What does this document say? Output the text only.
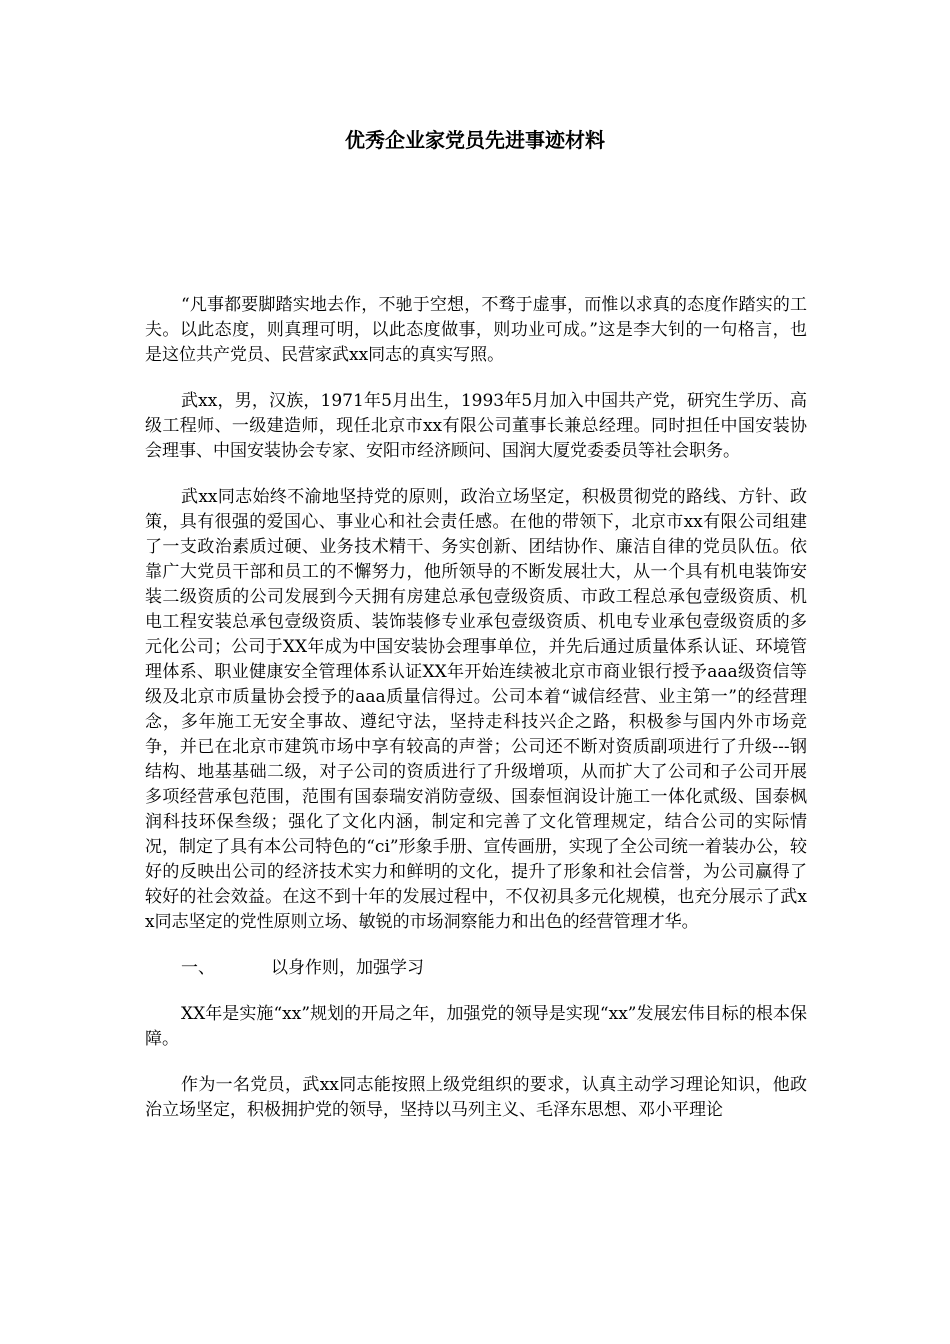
优秀企业家党员先进事迹材料

“凡事都要脚踏实地去作，不驰于空想，不骛于虚事，而惟以求真的态度作踏实的工夫。以此态度，则真理可明，以此态度做事，则功业可成。”这是李大钊的一句格言，也是这位共产党员、民营家武xx同志的真实写照。

武xx，男，汉族，1971年5月出生，1993年5月加入中国共产党，研究生学历、高级工程师、一级建造师，现任北京市xx有限公司董事长兼总经理。同时担任中国安装协会理事、中国安装协会专家、安阳市经济顾问、国润大厦党委委员等社会职务。

武xx同志始终不渝地坚持党的原则，政治立场坚定，积极贯彻党的路线、方针、政策，具有很强的爱国心、事业心和社会责任感。在他的带领下，北京市xx有限公司组建了一支政治素质过硬、业务技术精干、务实创新、团结协作、廉洁自律的党员队伍。依靠广大党员干部和员工的不懈努力，他所领导的不断发展壮大，从一个具有机电装饰安装二级资质的公司发展到今天拥有房建总承包壹级资质、市政工程总承包壹级资质、机电工程安装总承包壹级资质、装饰装修专业承包壹级资质、机电专业承包壹级资质的多元化公司；公司于XX年成为中国安装协会理事单位，并先后通过质量体系认证、环境管理体系、职业健康安全管理体系认证XX年开始连续被北京市商业银行授予aaa级资信等级及北京市质量协会授予的aaa质量信得过。公司本着“诚信经营、业主第一”的经营理念，多年施工无安全事故、遵纪守法，坚持走科技兴企之路，积极参与国内外市场竞争，并已在北京市建筑市场中享有较高的声誉；公司还不断对资质副项进行了升级---钢结构、地基基础二级，对子公司的资质进行了升级增项，从而扩大了公司和子公司开展多项经营承包范围，范围有国泰瑞安消防壹级、国泰恒润设计施工一体化贰级、国泰枫润科技环保叁级；强化了文化内涵，制定和完善了文化管理规定，结合公司的实际情况，制定了具有本公司特色的“ci”形象手册、宣传画册，实现了全公司统一着装办公，较好的反映出公司的经济技术实力和鲜明的文化，提升了形象和社会信誉，为公司赢得了较好的社会效益。在这不到十年的发展过程中，不仅初具多元化规模，也充分展示了武xx同志坚定的党性原则立场、敏锐的市场洞察能力和出色的经营管理才华。

一、	以身作则，加强学习

XX年是实施“xx”规划的开局之年，加强党的领导是实现“xx”发展宏伟目标的根本保障。

作为一名党员，武xx同志能按照上级党组织的要求，认真主动学习理论知识，他政治立场坚定，积极拥护党的领导，坚持以马列主义、毛泽东思想、邓小平理论
